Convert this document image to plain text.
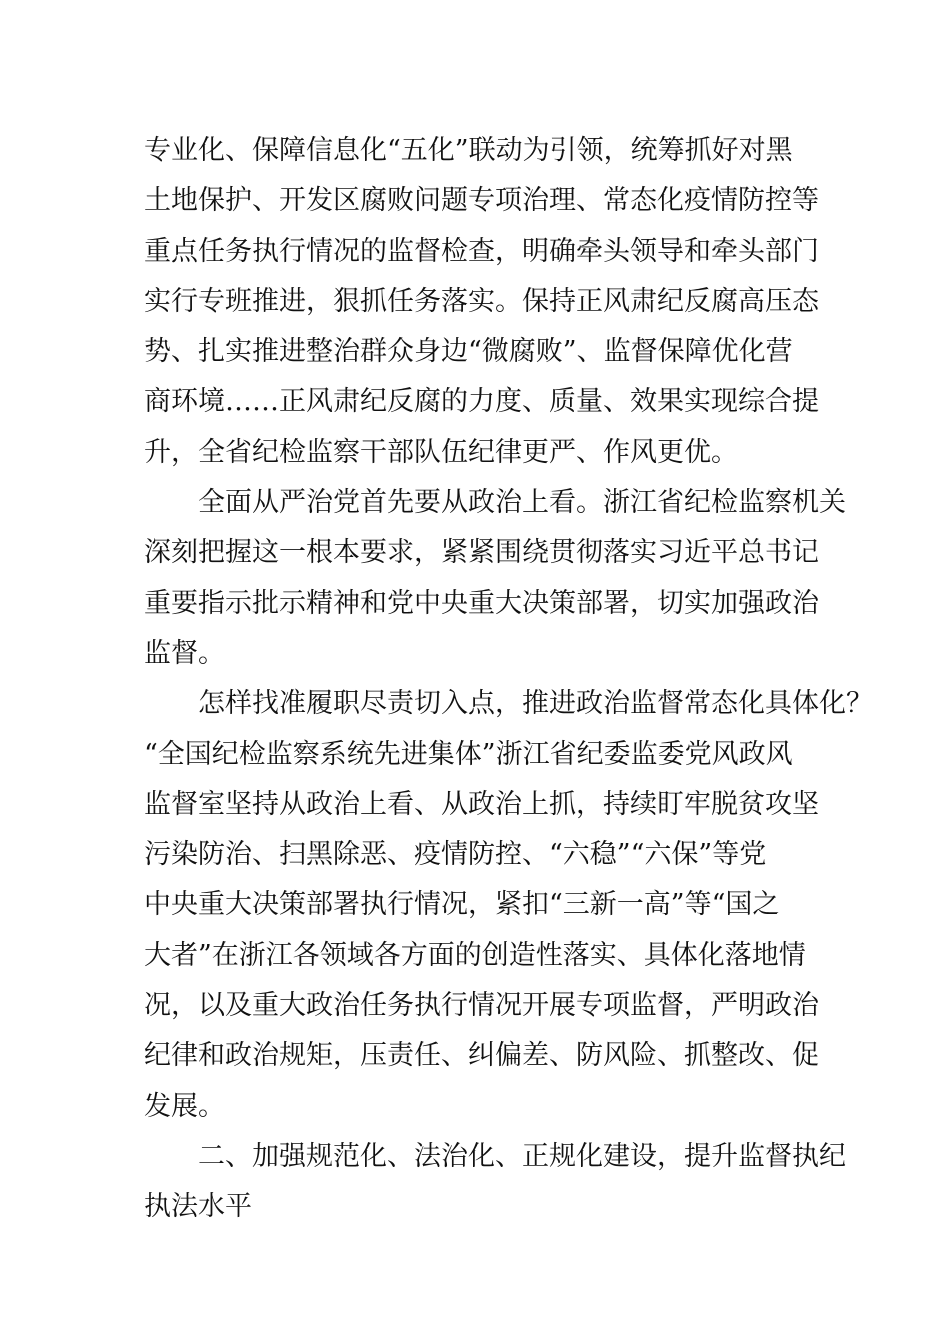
专业化、保障信息化“五化”联动为引领，统筹抓好对黑
土地保护、开发区腐败问题专项治理、常态化疫情防控等
重点任务执行情况的监督检查，明确牵头领导和牵头部门
实行专班推进，狠抓任务落实。保持正风肃纪反腐高压态
势、扎实推进整治群众身边“微腐败”、监督保障优化营
商环境……正风肃纪反腐的力度、质量、效果实现综合提
升，全省纪检监察干部队伍纪律更严、作风更优。
全面从严治党首先要从政治上看。浙江省纪检监察机关
深刻把握这一根本要求，紧紧围绕贯彻落实习近平总书记
重要指示批示精神和党中央重大决策部署，切实加强政治
监督。
怎样找准履职尽责切入点，推进政治监督常态化具体化？
“全国纪检监察系统先进集体”浙江省纪委监委党风政风
监督室坚持从政治上看、从政治上抓，持续盯牢脱贫攻坚
污染防治、扫黑除恶、疫情防控、“六稳”“六保”等党
中央重大决策部署执行情况，紧扣“三新一高”等“国之
大者”在浙江各领域各方面的创造性落实、具体化落地情
况，以及重大政治任务执行情况开展专项监督，严明政治
纪律和政治规矩，压责任、纠偏差、防风险、抓整改、促
发展。
二、加强规范化、法治化、正规化建设，提升监督执纪
执法水平
